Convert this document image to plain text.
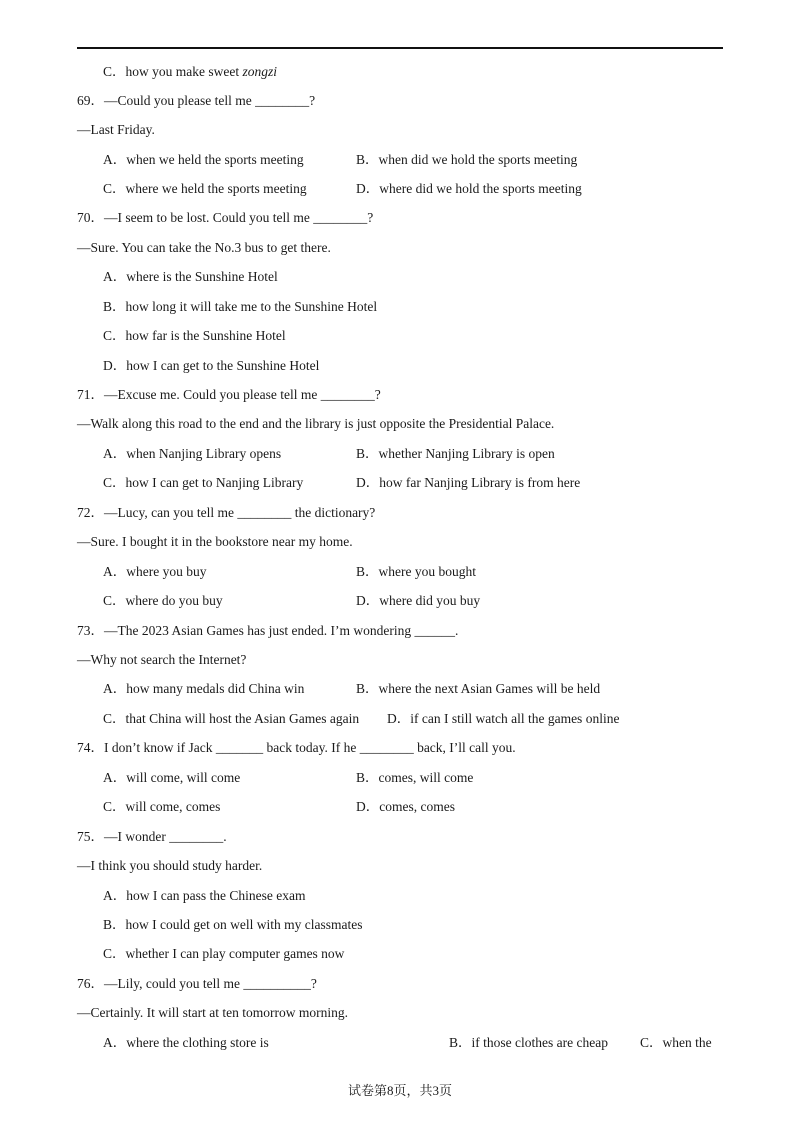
C．how you make sweet zongzi
69．—Could you please tell me ________?
—Last Friday.
A．when we held the sports meeting	B．when did we hold the sports meeting
C．where we held the sports meeting	D．where did we hold the sports meeting
70．—I seem to be lost. Could you tell me ________?
—Sure. You can take the No.3 bus to get there.
A．where is the Sunshine Hotel
B．how long it will take me to the Sunshine Hotel
C．how far is the Sunshine Hotel
D．how I can get to the Sunshine Hotel
71．—Excuse me. Could you please tell me ________?
—Walk along this road to the end and the library is just opposite the Presidential Palace.
A．when Nanjing Library opens	B．whether Nanjing Library is open
C．how I can get to Nanjing Library	D．how far Nanjing Library is from here
72．—Lucy, can you tell me ________ the dictionary?
—Sure. I bought it in the bookstore near my home.
A．where you buy	B．where you bought
C．where do you buy	D．where did you buy
73．—The 2023 Asian Games has just ended. I’m wondering ______.
—Why not search the Internet?
A．how many medals did China win	B．where the next Asian Games will be held
C．that China will host the Asian Games again D．if can I still watch all the games online
74．I don’t know if Jack _______ back today. If he ________ back, I’ll call you.
A．will come, will come	B．comes, will come
C．will come, comes	D．comes, comes
75．—I wonder ________.
—I think you should study harder.
A．how I can pass the Chinese exam
B．how I could get on well with my classmates
C．whether I can play computer games now
76．—Lily, could you tell me __________?
—Certainly. It will start at ten tomorrow morning.
A．where the clothing store is	B．if those clothes are cheap C．when the
试卷第8页，共3页
